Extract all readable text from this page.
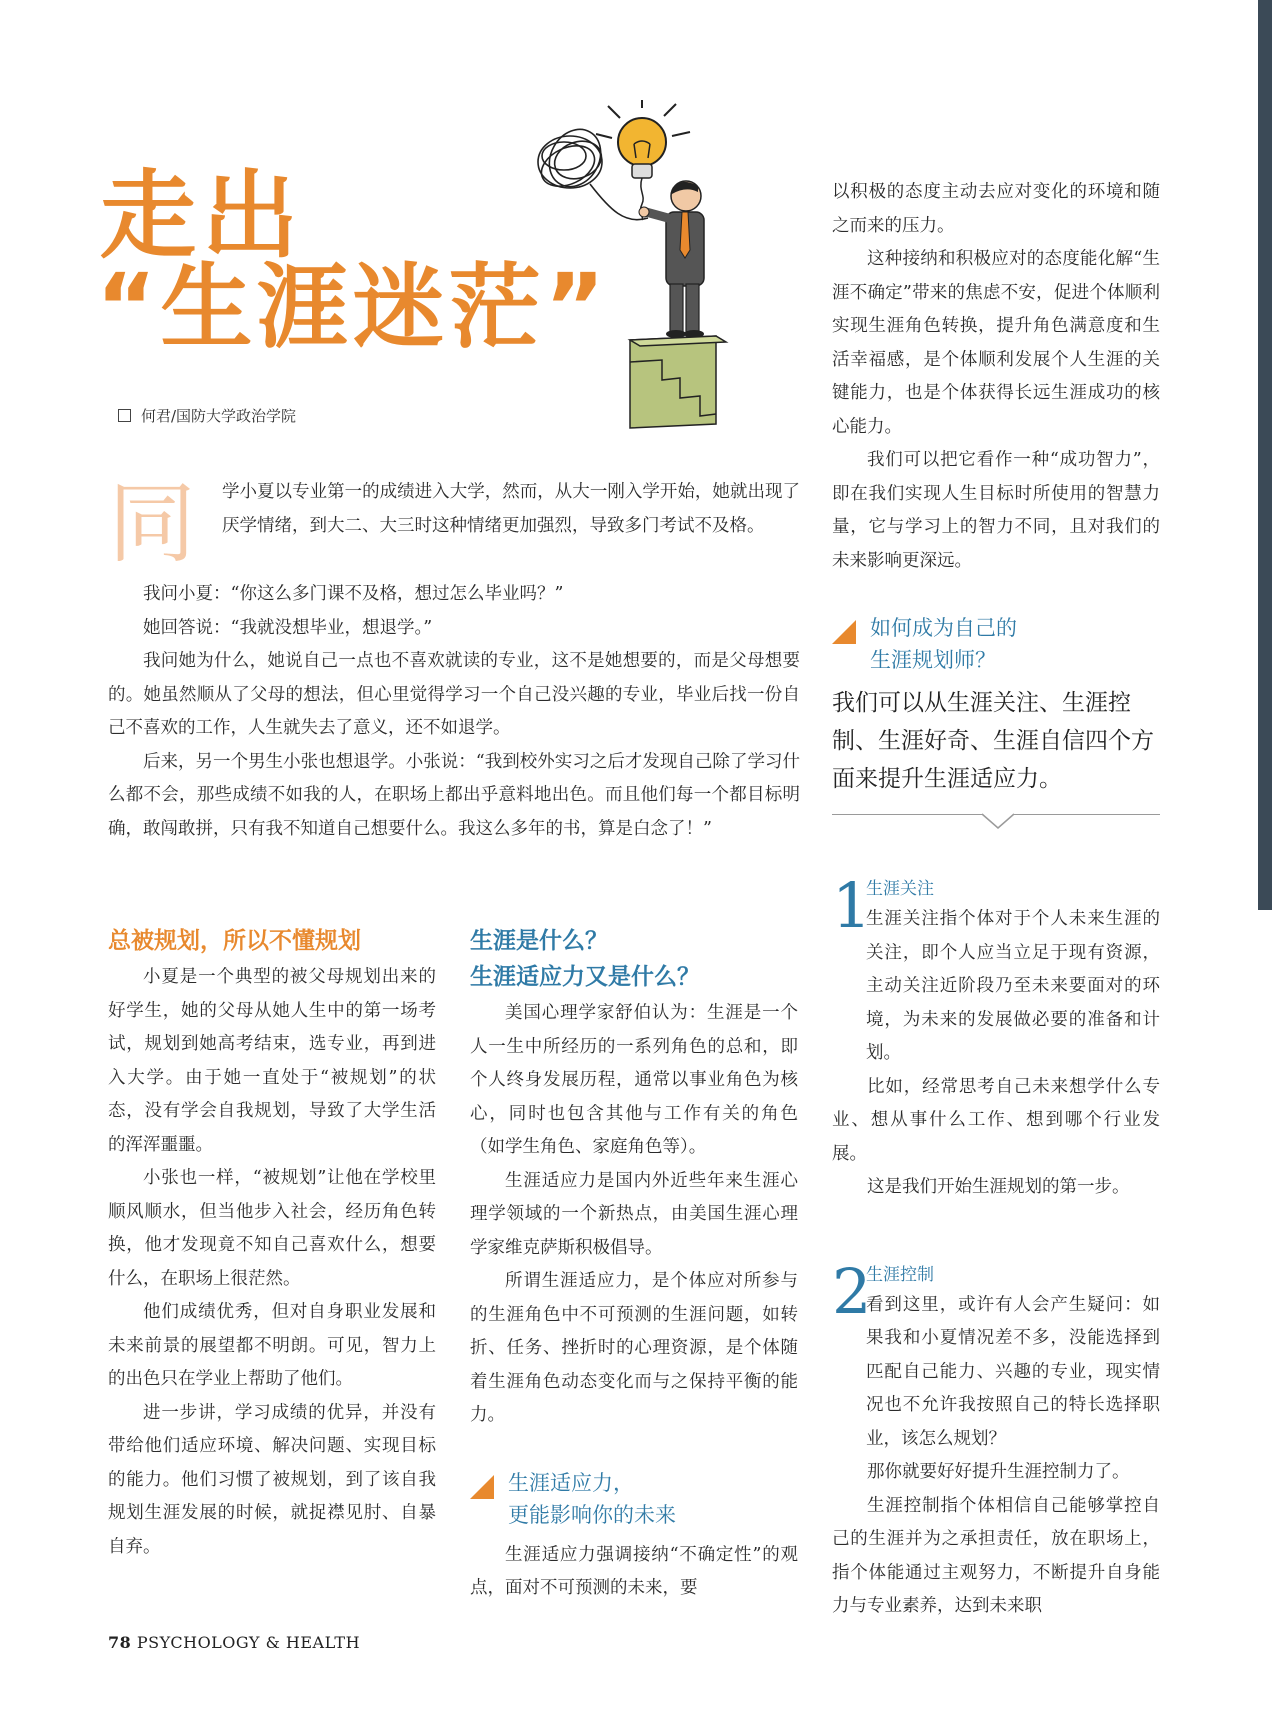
走出
“生涯迷茫”
何君/国防大学政治学院
同	学小夏以专业第一的成绩进入大学，然而，从大一刚入学开始，她就出现了厌学情绪，到大二、大三时这种情绪更加强烈，导致多门考试不及格。

我问小夏：“你这么多门课不及格，想过怎么毕业吗？”

她回答说：“我就没想毕业，想退学。”

我问她为什么，她说自己一点也不喜欢就读的专业，这不是她想要的，而是父母想要的。她虽然顺从了父母的想法，但心里觉得学习一个自己没兴趣的专业，毕业后找一份自己不喜欢的工作，人生就失去了意义，还不如退学。

后来，另一个男生小张也想退学。小张说：“我到校外实习之后才发现自己除了学习什么都不会，那些成绩不如我的人，在职场上都出乎意料地出色。而且他们每一个都目标明确，敢闯敢拼，只有我不知道自己想要什么。我这么多年的书，算是白念了！”

总被规划，所以不懂规划

小夏是一个典型的被父母规划出来的好学生，她的父母从她人生中的第一场考试，规划到她高考结束，选专业，再到进入大学。由于她一直处于“被规划”的状态，没有学会自我规划，导致了大学生活的浑浑噩噩。

小张也一样，“被规划”让他在学校里顺风顺水，但当他步入社会，经历角色转换，他才发现竟不知自己喜欢什么，想要什么，在职场上很茫然。

他们成绩优秀，但对自身职业发展和未来前景的展望都不明朗。可见，智力上的出色只在学业上帮助了他们。

进一步讲，学习成绩的优异，并没有带给他们适应环境、解决问题、实现目标的能力。他们习惯了被规划，到了该自我规划生涯发展的时候，就捉襟见肘、自暴自弃。

生涯是什么？
生涯适应力又是什么？

美国心理学家舒伯认为：生涯是一个人一生中所经历的一系列角色的总和，即个人终身发展历程，通常以事业角色为核心，同时也包含其他与工作有关的角色（如学生角色、家庭角色等）。

生涯适应力是国内外近些年来生涯心理学领域的一个新热点，由美国生涯心理学家维克萨斯积极倡导。

所谓生涯适应力，是个体应对所参与的生涯角色中不可预测的生涯问题，如转折、任务、挫折时的心理资源，是个体随着生涯角色动态变化而与之保持平衡的能力。

生涯适应力，
更能影响你的未来

生涯适应力强调接纳“不确定性”的观点，面对不可预测的未来，要

以积极的态度主动去应对变化的环境和随之而来的压力。

这种接纳和积极应对的态度能化解“生涯不确定”带来的焦虑不安，促进个体顺利实现生涯角色转换，提升角色满意度和生活幸福感，是个体顺利发展个人生涯的关键能力，也是个体获得长远生涯成功的核心能力。

我们可以把它看作一种“成功智力”，即在我们实现人生目标时所使用的智慧力量，它与学习上的智力不同，且对我们的未来影响更深远。

如何成为自己的
生涯规划师？
我们可以从生涯关注、生涯控制、生涯好奇、生涯自信四个方面来提升生涯适应力。
1
生涯关注

生涯关注指个体对于个人未来生涯的关注，即个人应当立足于现有资源，主动关注近阶段乃至未来要面对的环境，为未来的发展做必要的准备和计划。

比如，经常思考自己未来想学什么专业、想从事什么工作、想到哪个行业发展。

这是我们开始生涯规划的第一步。

2
生涯控制

看到这里，或许有人会产生疑问：如果我和小夏情况差不多，没能选择到匹配自己能力、兴趣的专业，现实情况也不允许我按照自己的特长选择职业，该怎么规划？

那你就要好好提升生涯控制力了。

生涯控制指个体相信自己能够掌控自己的生涯并为之承担责任，放在职场上，指个体能通过主观努力，不断提升自身能力与专业素养，达到未来职

78 PSYCHOLOGY & HEALTH
